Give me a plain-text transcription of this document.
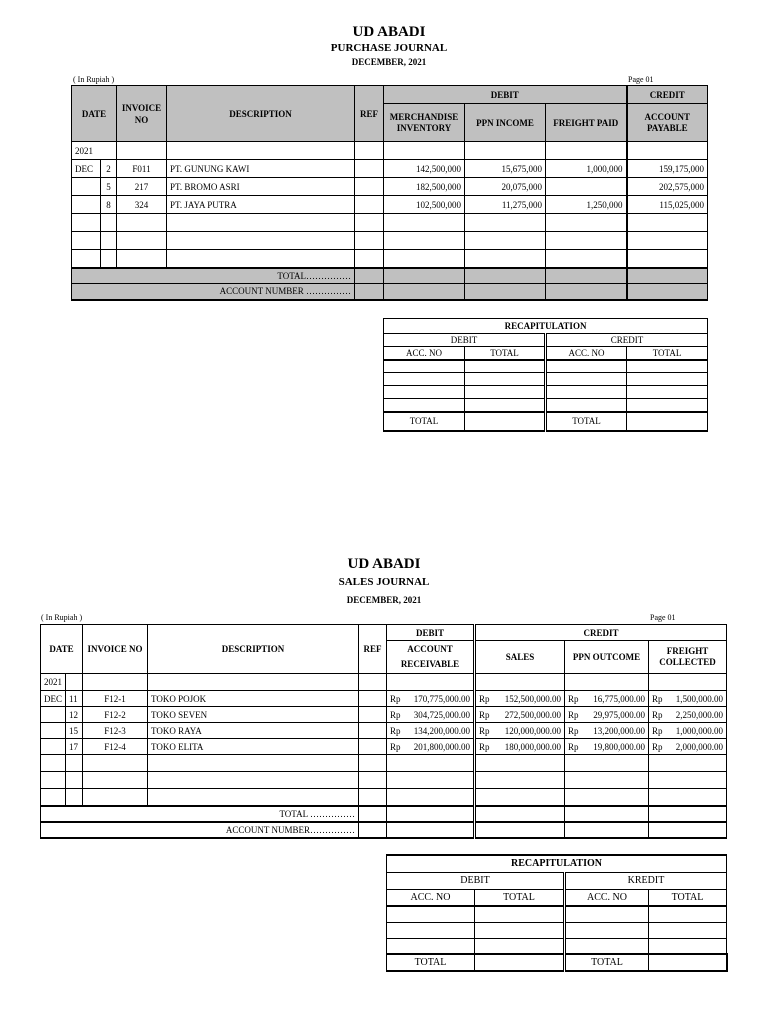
UD ABADI
PURCHASE JOURNAL
DECEMBER, 2021
( In Rupiah )	Page 01
DATE		INVOICE NO	DESCRIPTION	REF	DEBIT			CREDIT
					MERCHANDISE INVENTORY	PPN INCOME	FREIGHT PAID	ACCOUNT PAYABLE
2021								
DEC	2	F011	PT. GUNUNG KAWI		142,500,000	15,675,000	1,000,000	159,175,000
	5	217	PT. BROMO ASRI		182,500,000	20,075,000		202,575,000
	8	324	PT. JAYA PUTRA		102,500,000	11,275,000	1,250,000	115,025,000

TOTAL……………								
ACCOUNT NUMBER ……………								
RECAPITULATION			
DEBIT		CREDIT	
ACC. NO	TOTAL	ACC. NO	TOTAL

TOTAL		TOTAL	
UD ABADI
SALES JOURNAL
DECEMBER, 2021
( In Rupiah )	Page 01
DATE		INVOICE NO	DESCRIPTION	REF	DEBIT	CREDIT		
					ACCOUNT RECEIVABLE	SALES	PPN OUTCOME	FREIGHT COLLECTED
2021								
DEC	11	F12-1	TOKO POJOK		Rp 170,775,000.00	Rp 152,500,000.00	Rp 16,775,000.00	Rp 1,500,000.00

	12	F12-2	TOKO SEVEN		Rp 304,725,000.00	Rp 272,500,000.00	Rp 29,975,000.00	Rp 2,250,000.00

	15	F12-3	TOKO RAYA		Rp 134,200,000.00	Rp 120,000,000.00	Rp 13,200,000.00	Rp 1,000,000.00

	17	F12-4	TOKO ELITA		Rp 201,800,000.00	Rp 180,000,000.00	Rp 19,800,000.00	Rp 2,000,000.00

TOTAL ……………								
ACCOUNT NUMBER……………								
RECAPITULATION			
DEBIT		KREDIT	
ACC. NO	TOTAL	ACC. NO	TOTAL

TOTAL		TOTAL	
